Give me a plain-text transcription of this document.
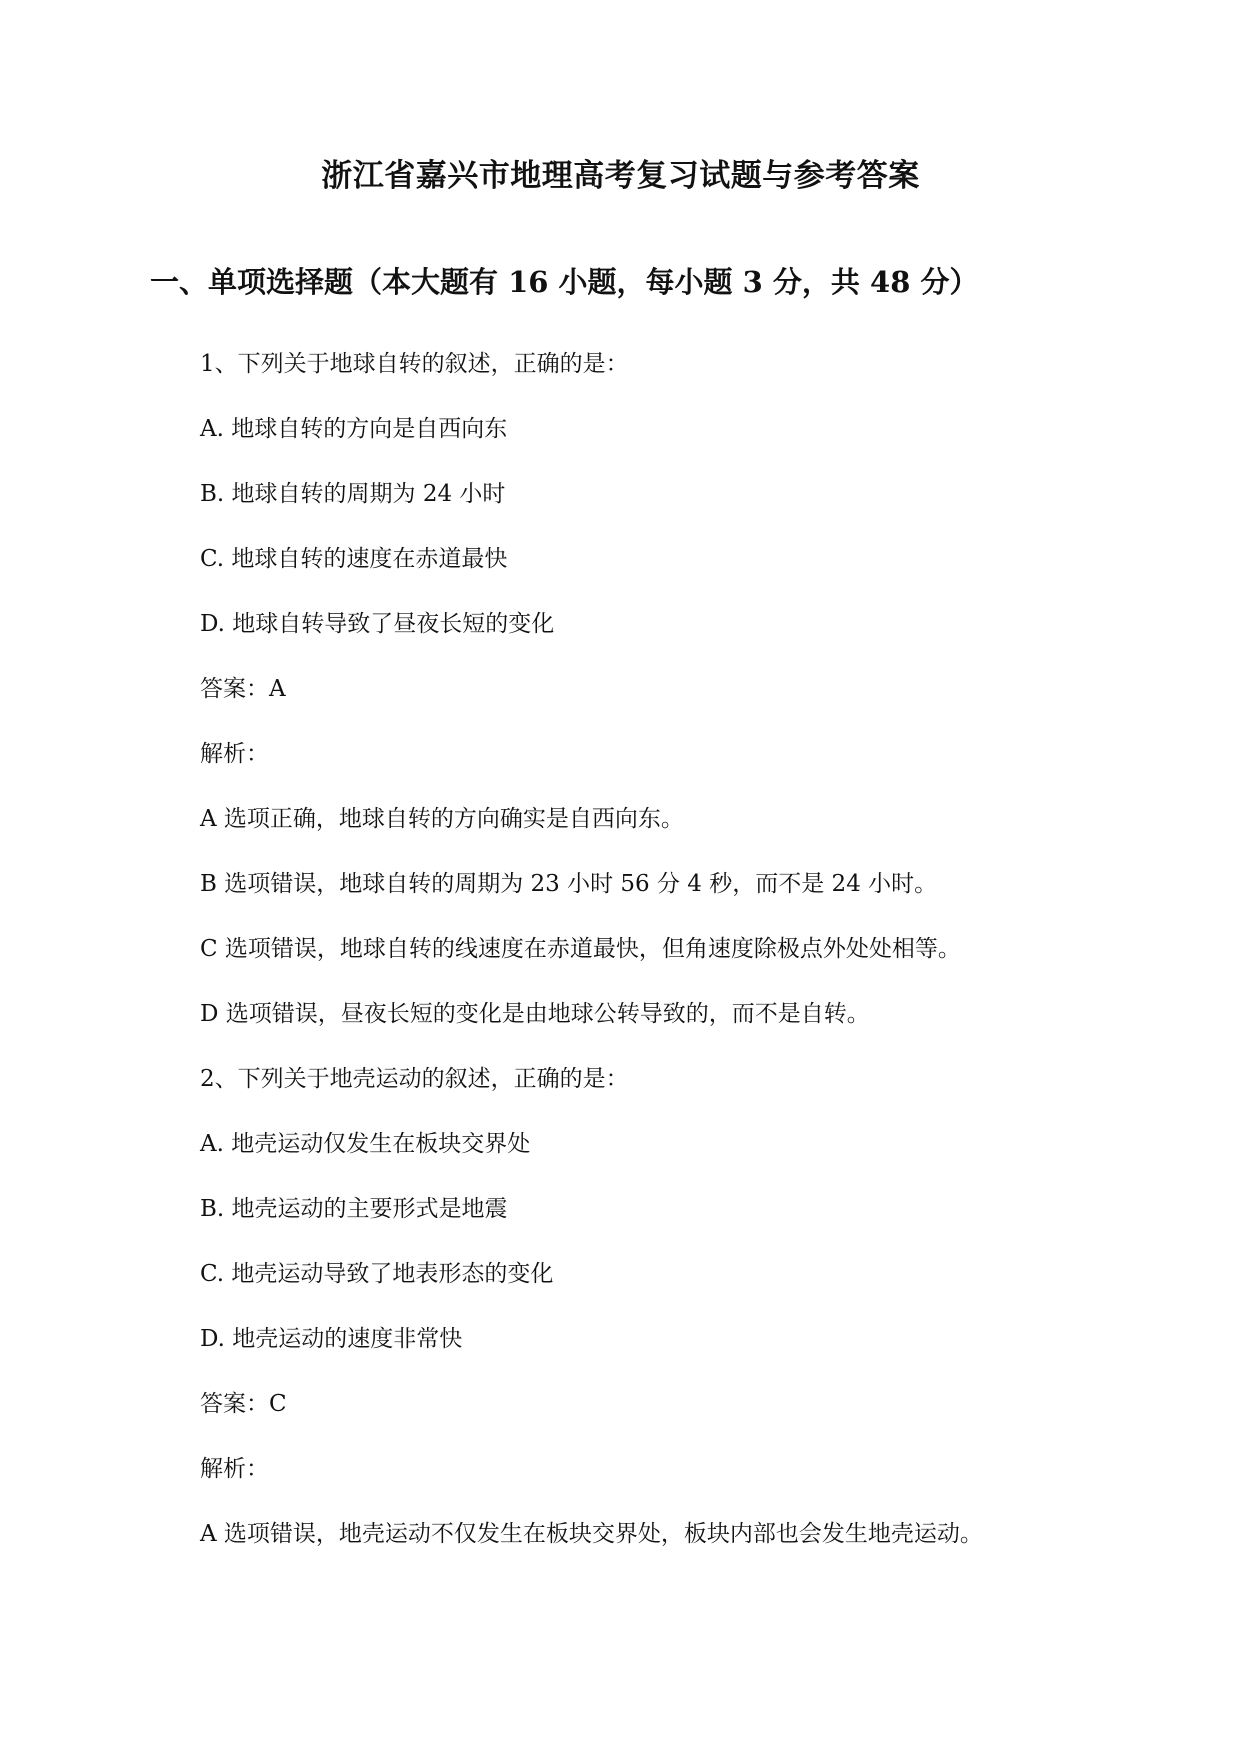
浙江省嘉兴市地理高考复习试题与参考答案
一、单项选择题（本大题有 16 小题，每小题 3 分，共 48 分）
1、下列关于地球自转的叙述，正确的是：
A. 地球自转的方向是自西向东
B. 地球自转的周期为 24 小时
C. 地球自转的速度在赤道最快
D. 地球自转导致了昼夜长短的变化
答案：A
解析：
A 选项正确，地球自转的方向确实是自西向东。
B 选项错误，地球自转的周期为 23 小时 56 分 4 秒，而不是 24 小时。
C 选项错误，地球自转的线速度在赤道最快，但角速度除极点外处处相等。
D 选项错误，昼夜长短的变化是由地球公转导致的，而不是自转。
2、下列关于地壳运动的叙述，正确的是：
A. 地壳运动仅发生在板块交界处
B. 地壳运动的主要形式是地震
C. 地壳运动导致了地表形态的变化
D. 地壳运动的速度非常快
答案：C
解析：
A 选项错误，地壳运动不仅发生在板块交界处，板块内部也会发生地壳运动。
